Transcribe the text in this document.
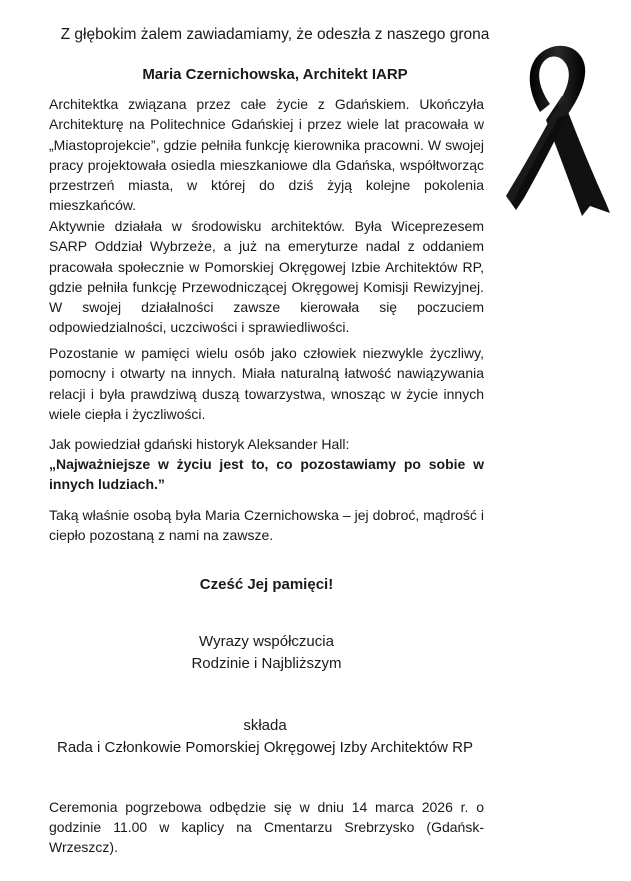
Z głębokim żalem zawiadamiamy, że odeszła z naszego grona
Maria Czernichowska, Architekt IARP
Architektka związana przez całe życie z Gdańskiem. Ukończyła Architekturę na Politechnice Gdańskiej i przez wiele lat pracowała w „Miastoprojekcie”, gdzie pełniła funkcję kierownika pracowni. W swojej pracy projektowała osiedla mieszkaniowe dla Gdańska, współtworząc przestrzeń miasta, w której do dziś żyją kolejne pokolenia mieszkańców.
Aktywnie działała w środowisku architektów. Była Wiceprezesem SARP Oddział Wybrzeże, a już na emeryturze nadal z oddaniem pracowała społecznie w Pomorskiej Okręgowej Izbie Architektów RP, gdzie pełniła funkcję Przewodniczącej Okręgowej Komisji Rewizyjnej. W swojej działalności zawsze kierowała się poczuciem odpowiedzialności, uczciwości i sprawiedliwości.
Pozostanie w pamięci wielu osób jako człowiek niezwykle życzliwy, pomocny i otwarty na innych. Miała naturalną łatwość nawiązywania relacji i była prawdziwą duszą towarzystwa, wnosząc w życie innych wiele ciepła i życzliwości.
Jak powiedział gdański historyk Aleksander Hall:
„Najważniejsze w życiu jest to, co pozostawiamy po sobie w innych ludziach.”
Taką właśnie osobą była Maria Czernichowska – jej dobroć, mądrość i ciepło pozostaną z nami na zawsze.
Cześć Jej pamięci!
Wyrazy współczucia
Rodzinie i Najbliższym
składa
Rada i Członkowie Pomorskiej Okręgowej Izby Architektów RP
Ceremonia pogrzebowa odbędzie się w dniu 14 marca 2026 r. o godzinie 11.00 w kaplicy na Cmentarzu Srebrzysko (Gdańsk-Wrzeszcz).
